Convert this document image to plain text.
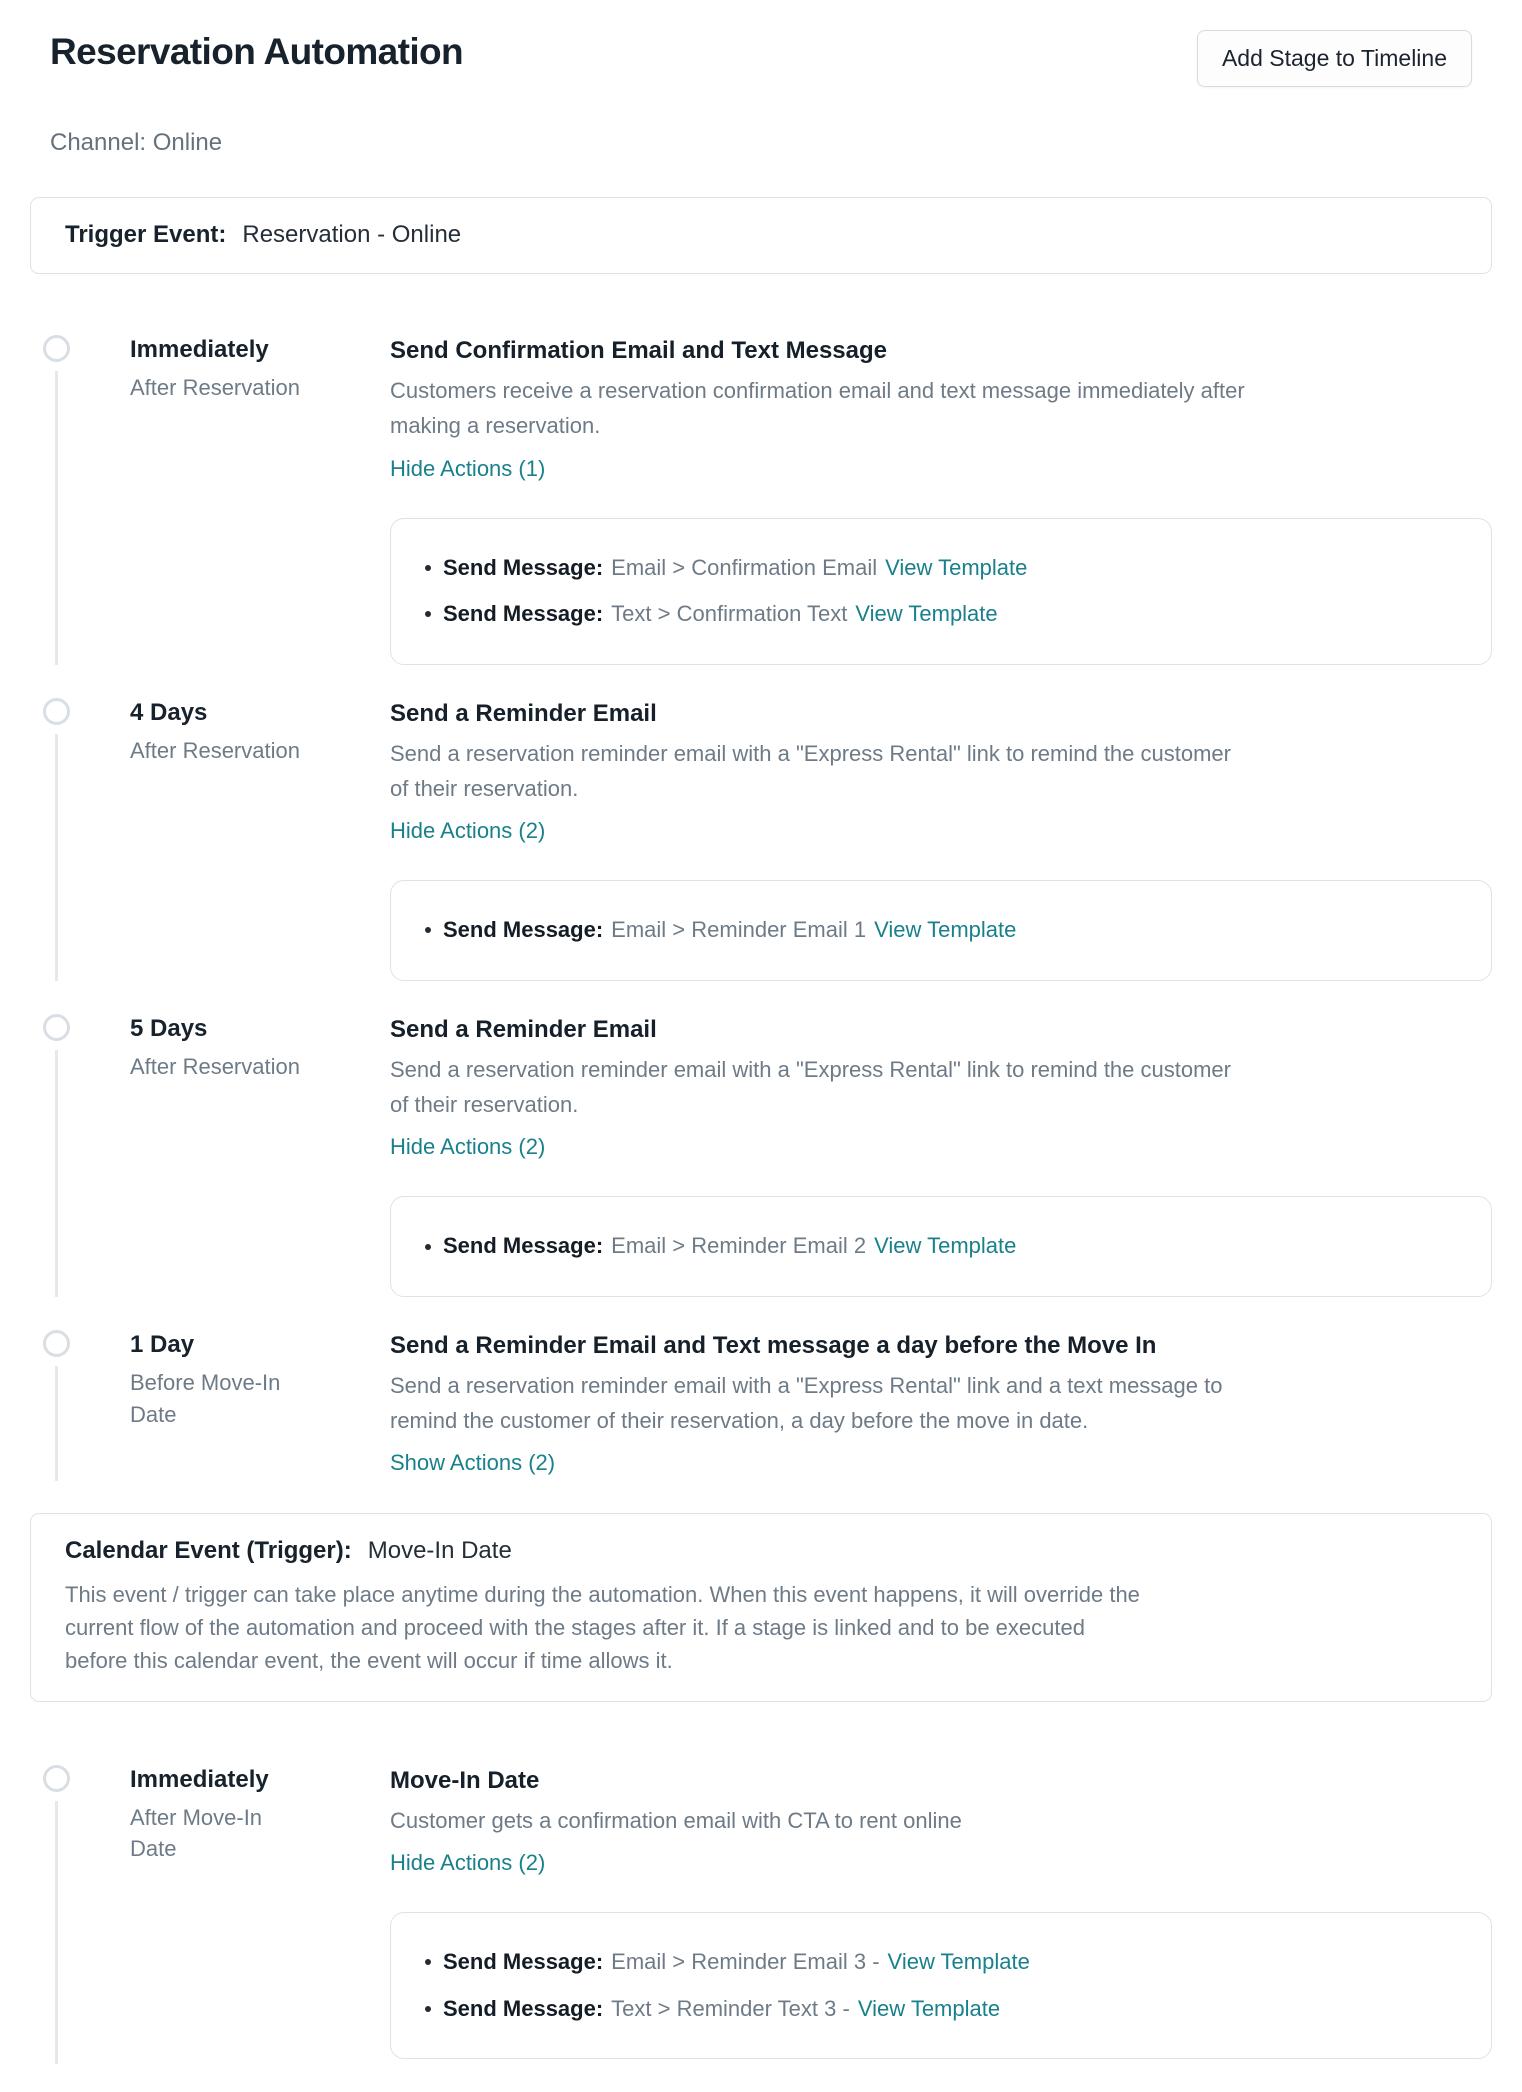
Reservation Automation	Add Stage to Timeline
Channel: Online
Trigger Event: Reservation - Online
Immediately
After Reservation
Send Confirmation Email and Text Message
Customers receive a reservation confirmation email and text message immediately after making a reservation.
Hide Actions (1)
Send Message: Email > Confirmation Email View Template
Send Message: Text > Confirmation Text View Template
4 Days
After Reservation
Send a Reminder Email
Send a reservation reminder email with a "Express Rental" link to remind the customer of their reservation.
Hide Actions (2)
Send Message: Email > Reminder Email 1 View Template
5 Days
After Reservation
Send a Reminder Email
Send a reservation reminder email with a "Express Rental" link to remind the customer of their reservation.
Hide Actions (2)
Send Message: Email > Reminder Email 2 View Template
1 Day
Before Move-In Date
Send a Reminder Email and Text message a day before the Move In
Send a reservation reminder email with a "Express Rental" link and a text message to remind the customer of their reservation, a day before the move in date.
Show Actions (2)
Calendar Event (Trigger): Move-In Date
This event / trigger can take place anytime during the automation. When this event happens, it will override the current flow of the automation and proceed with the stages after it. If a stage is linked and to be executed before this calendar event, the event will occur if time allows it.
Immediately
After Move-In Date
Move-In Date
Customer gets a confirmation email with CTA to rent online
Hide Actions (2)
Send Message: Email > Reminder Email 3 - View Template
Send Message: Text > Reminder Text 3 - View Template
